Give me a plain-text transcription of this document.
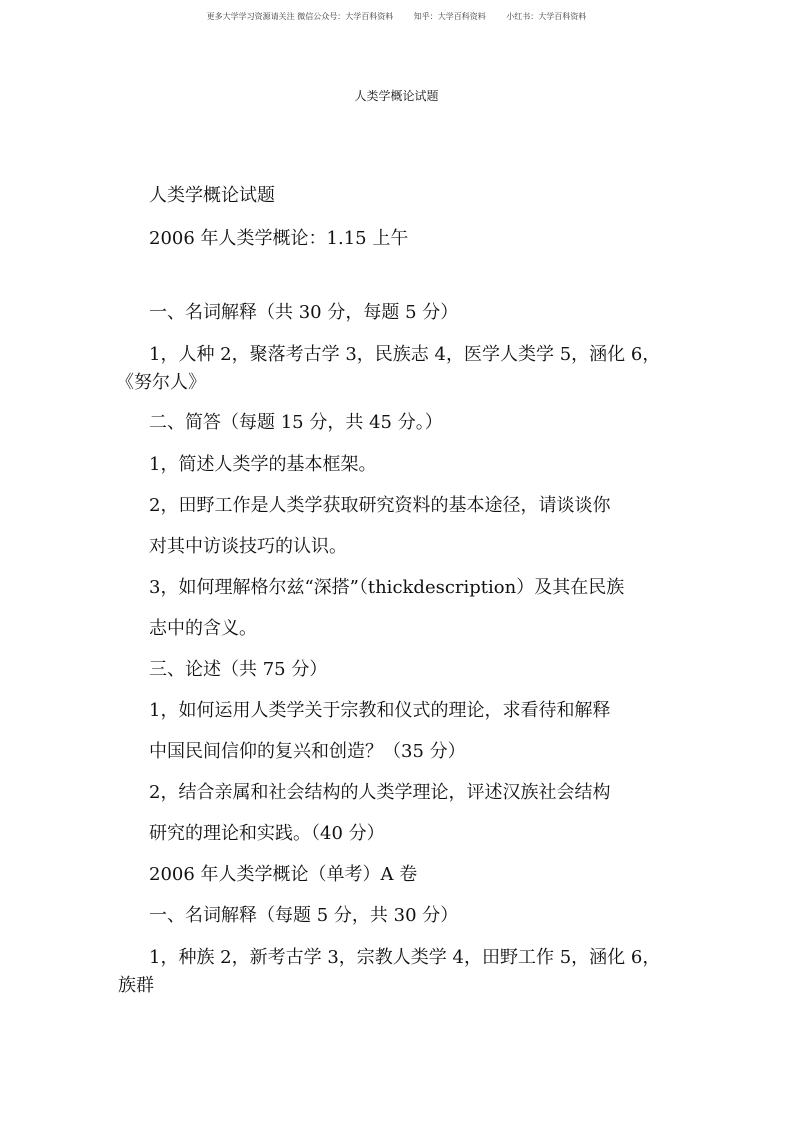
更多大学学习资源请关注 微信公众号：大学百科资料	知乎：大学百科资料	小红书：大学百科资料
人类学概论试题
人类学概论试题
2006 年人类学概论：1.15 上午
一、名词解释（共 30 分，每题 5 分）
1，人种 2，聚落考古学 3，民族志 4，医学人类学 5，涵化 6，
《努尔人》
二、简答（每题 15 分，共 45 分。）
1，简述人类学的基本框架。
2，田野工作是人类学获取研究资料的基本途径，请谈谈你
对其中访谈技巧的认识。
3，如何理解格尔兹“深搭”（thickdescription）及其在民族
志中的含义。
三、论述（共 75 分）
1，如何运用人类学关于宗教和仪式的理论，求看待和解释
中国民间信仰的复兴和创造？（35 分）
2，结合亲属和社会结构的人类学理论，评述汉族社会结构
研究的理论和实践。（40 分）
2006 年人类学概论（单考）A 卷
一、名词解释（每题 5 分，共 30 分）
1，种族 2，新考古学 3，宗教人类学 4，田野工作 5，涵化 6，
族群
